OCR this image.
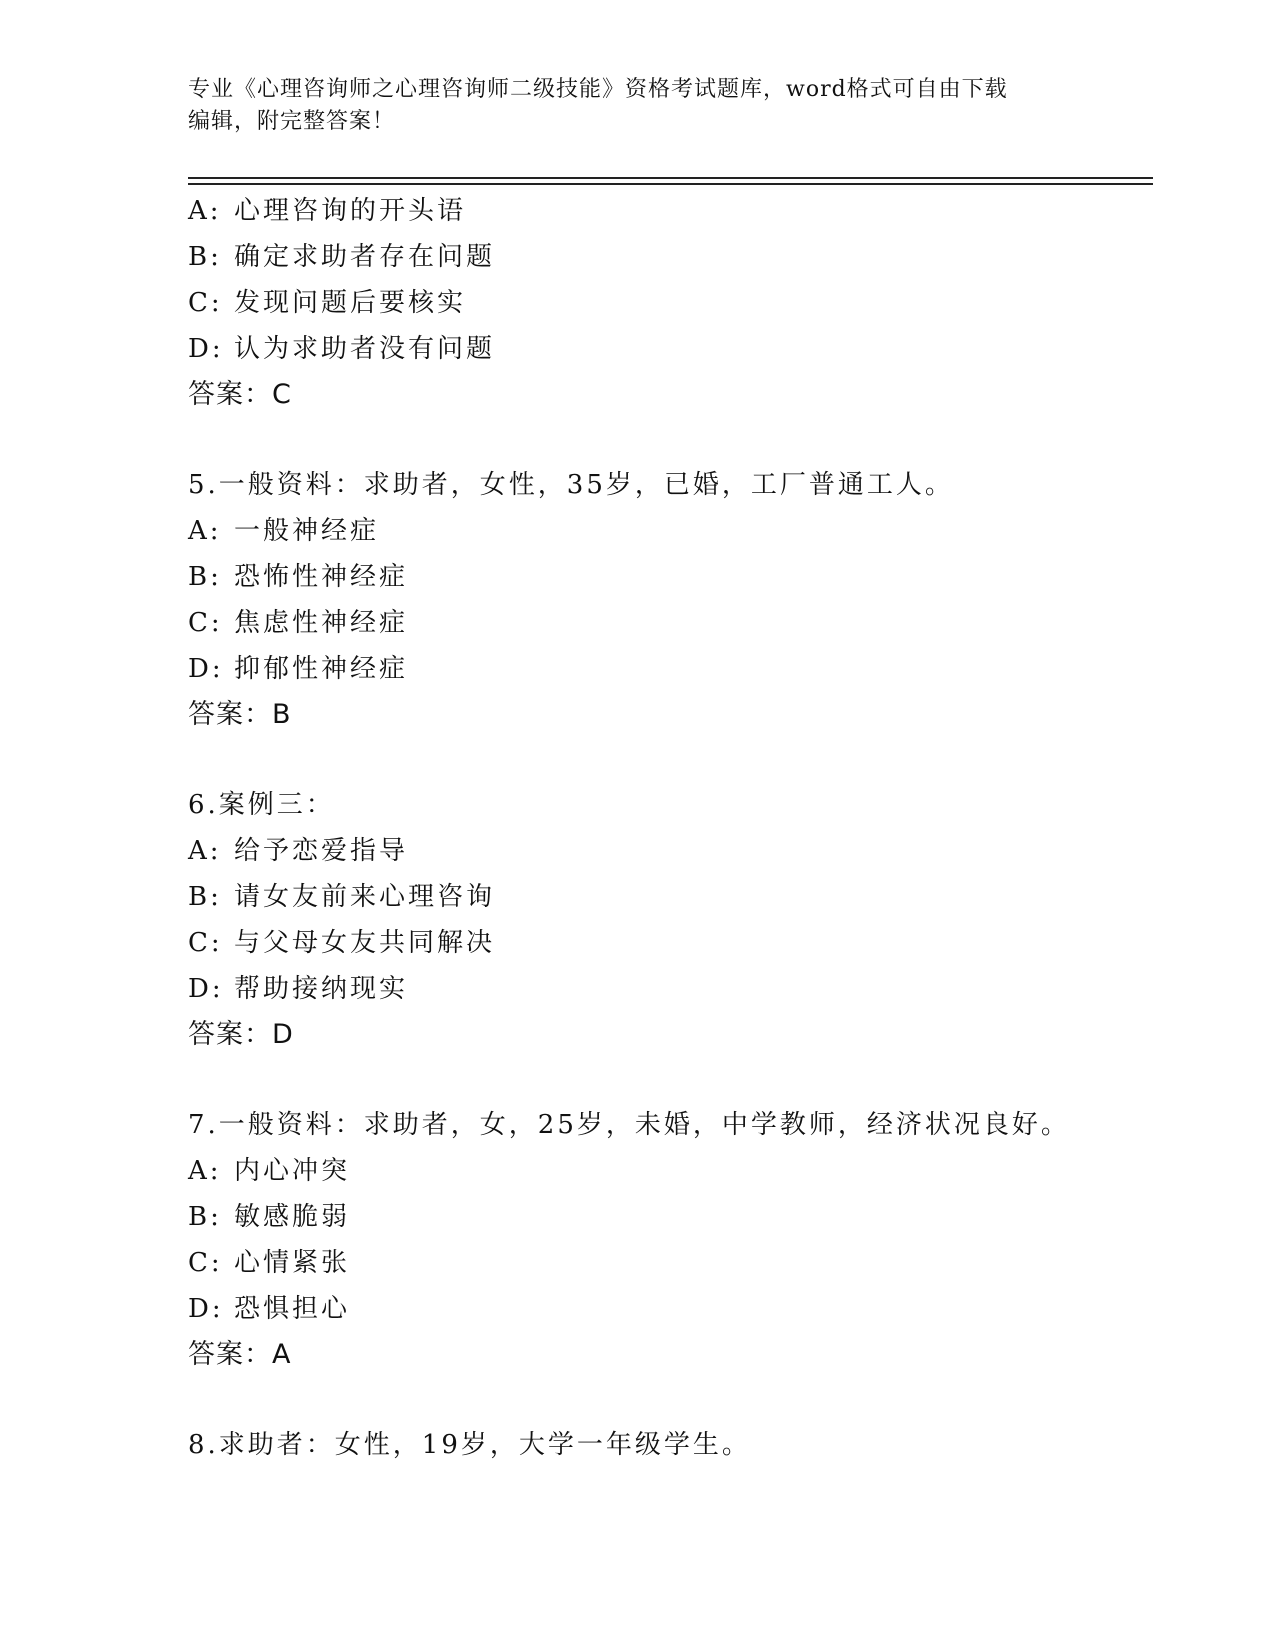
专业《心理咨询师之心理咨询师二级技能》资格考试题库，word格式可自由下载
编辑，附完整答案！
A: 心理咨询的开头语
B: 确定求助者存在问题
C: 发现问题后要核实
D: 认为求助者没有问题
答案：C
5.一般资料：求助者，女性，35岁，已婚，工厂普通工人。
A: 一般神经症
B: 恐怖性神经症
C: 焦虑性神经症
D: 抑郁性神经症
答案：B
6.案例三：
A: 给予恋爱指导
B: 请女友前来心理咨询
C: 与父母女友共同解决
D: 帮助接纳现实
答案：D
7.一般资料：求助者，女，25岁，未婚，中学教师，经济状况良好。
A: 内心冲突
B: 敏感脆弱
C: 心情紧张
D: 恐惧担心
答案：A
8.求助者：女性，19岁，大学一年级学生。
